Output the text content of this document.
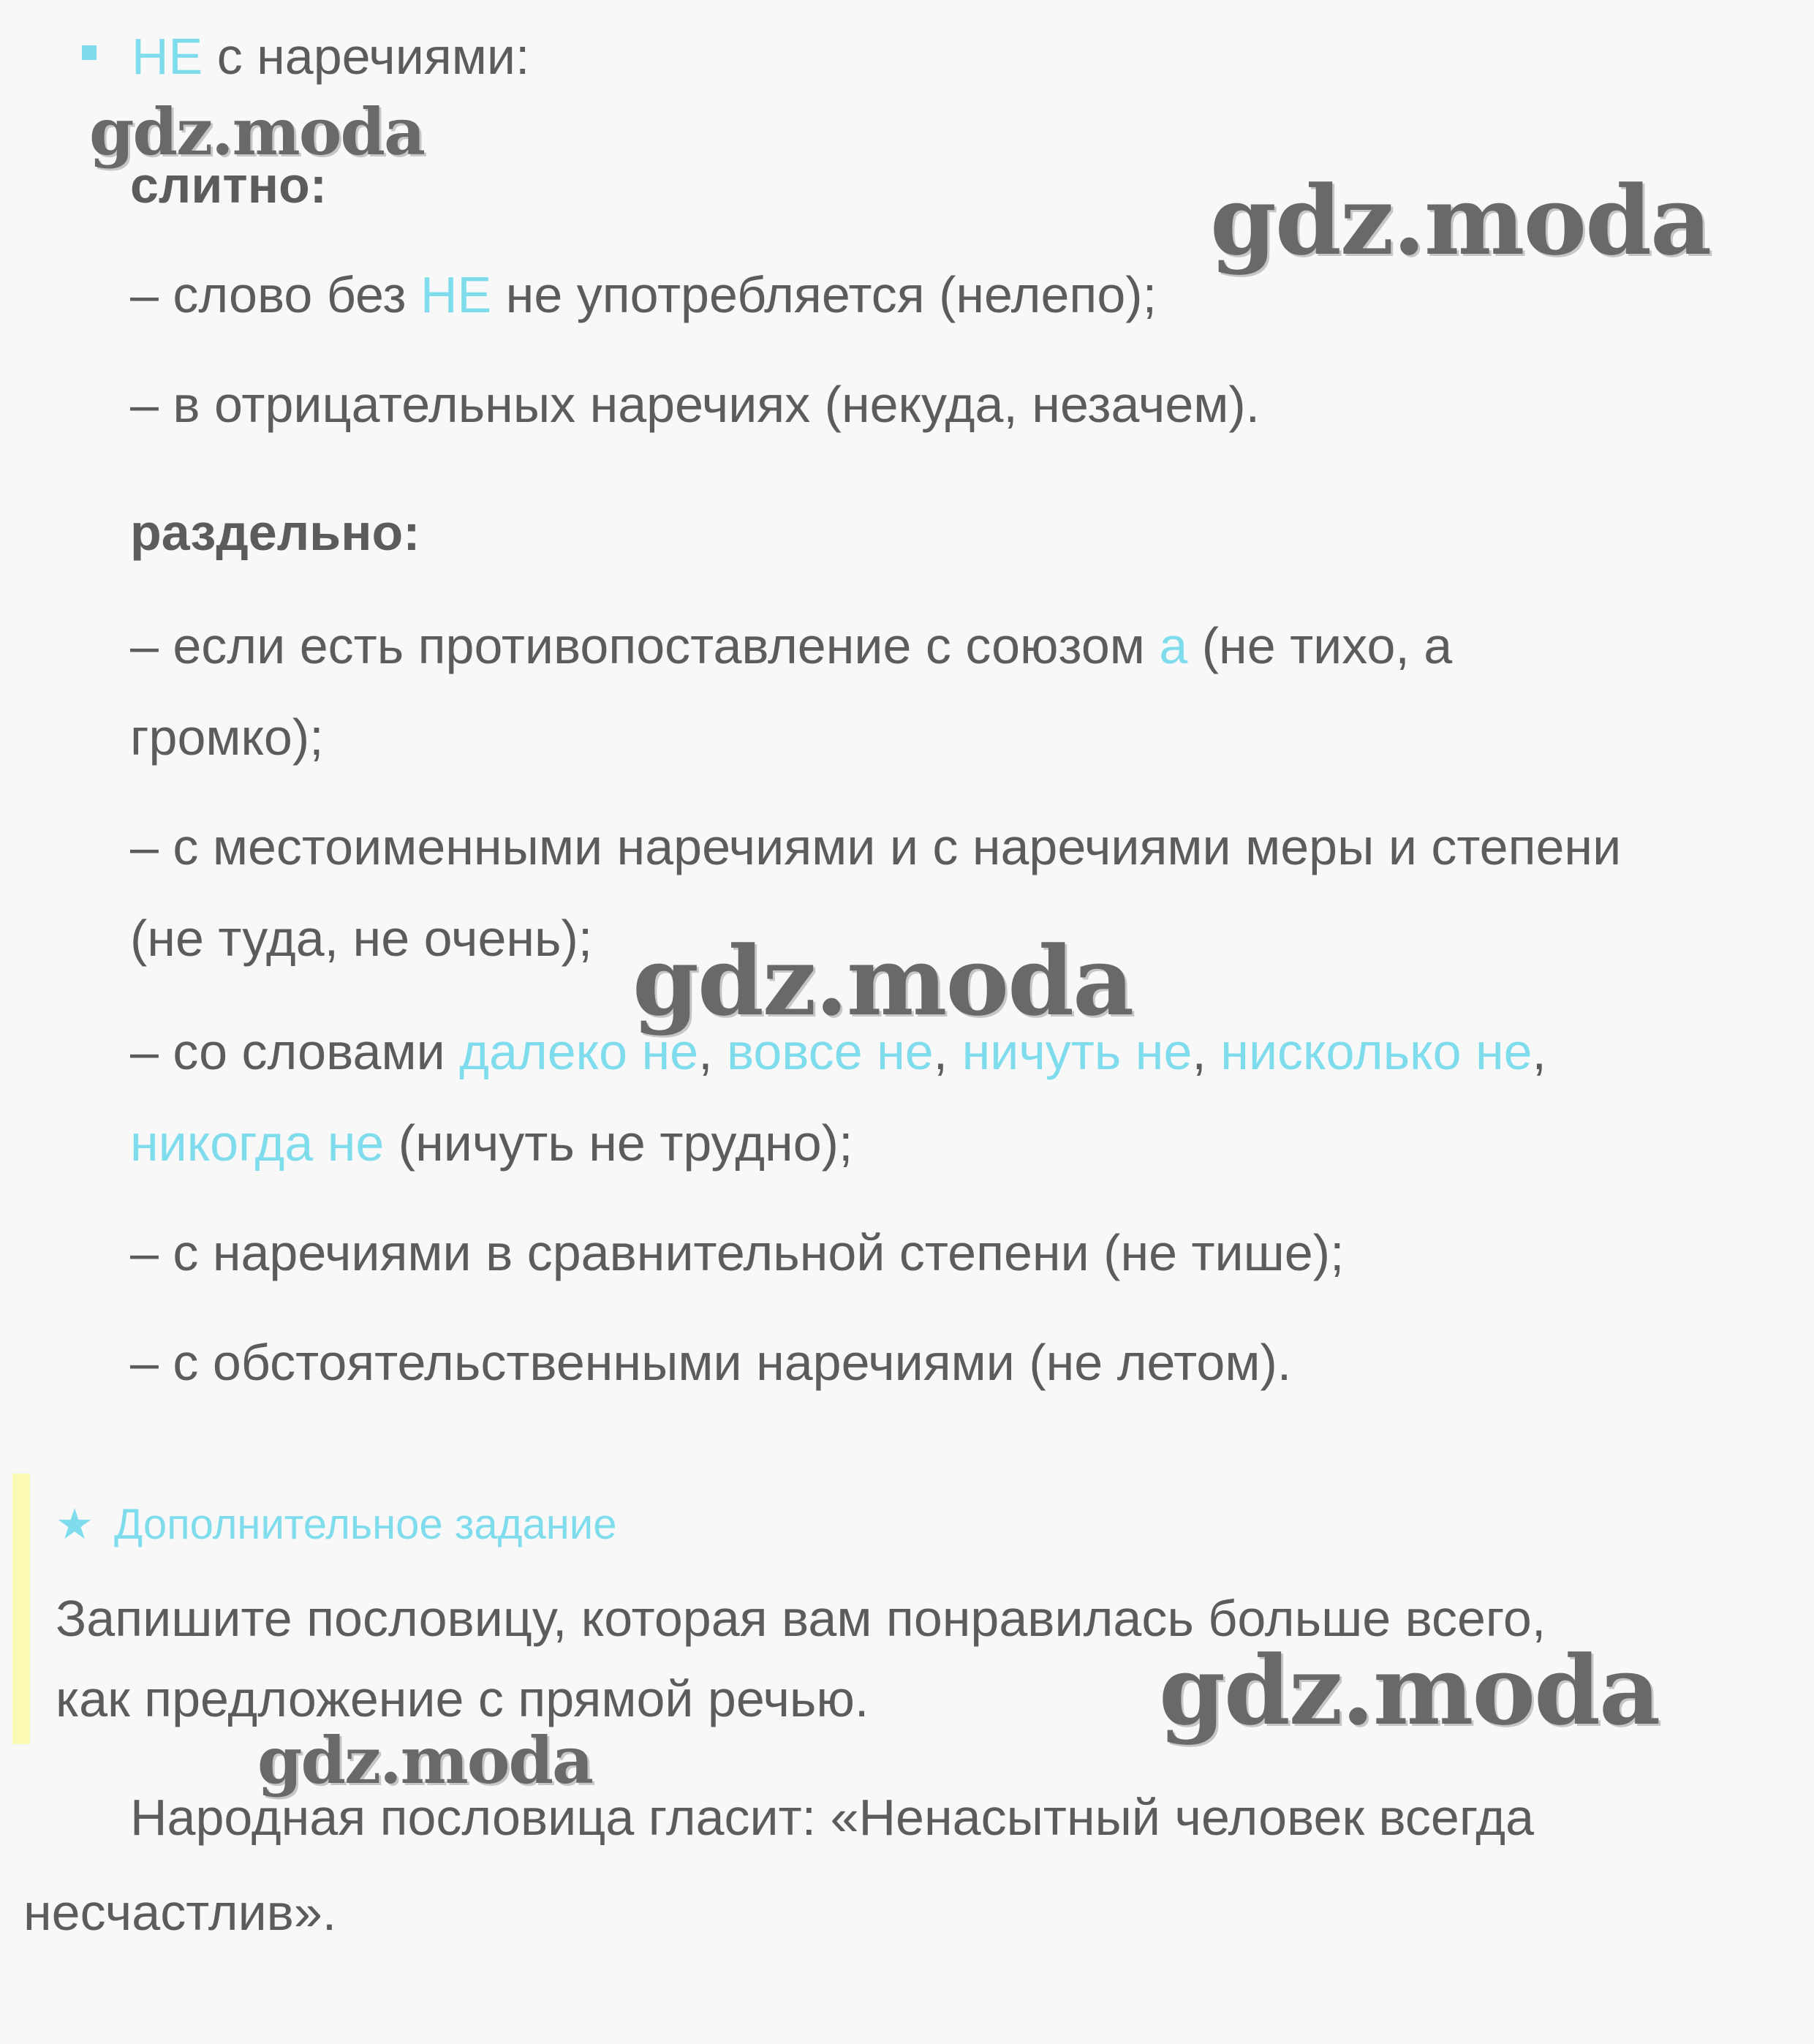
НЕ с наречиями:
слитно:
– слово без НЕ не употребляется (нелепо);
– в отрицательных наречиях (некуда, незачем).
раздельно:
– если есть противопоставление с союзом а (не тихо, а
громко);
– с местоименными наречиями и с наречиями меры и степени
(не туда, не очень);
– со словами далеко не, вовсе не, ничуть не, нисколько не,
никогда не (ничуть не трудно);
– с наречиями в сравнительной степени (не тише);
– с обстоятельственными наречиями (не летом).
★ Дополнительное задание
Запишите пословицу, которая вам понравилась больше всего,
как предложение с прямой речью.
Народная пословица гласит: «Ненасытный человек всегда
несчастлив».
gdz.moda
gdz.moda
gdz.moda
gdz.moda
gdz.moda
